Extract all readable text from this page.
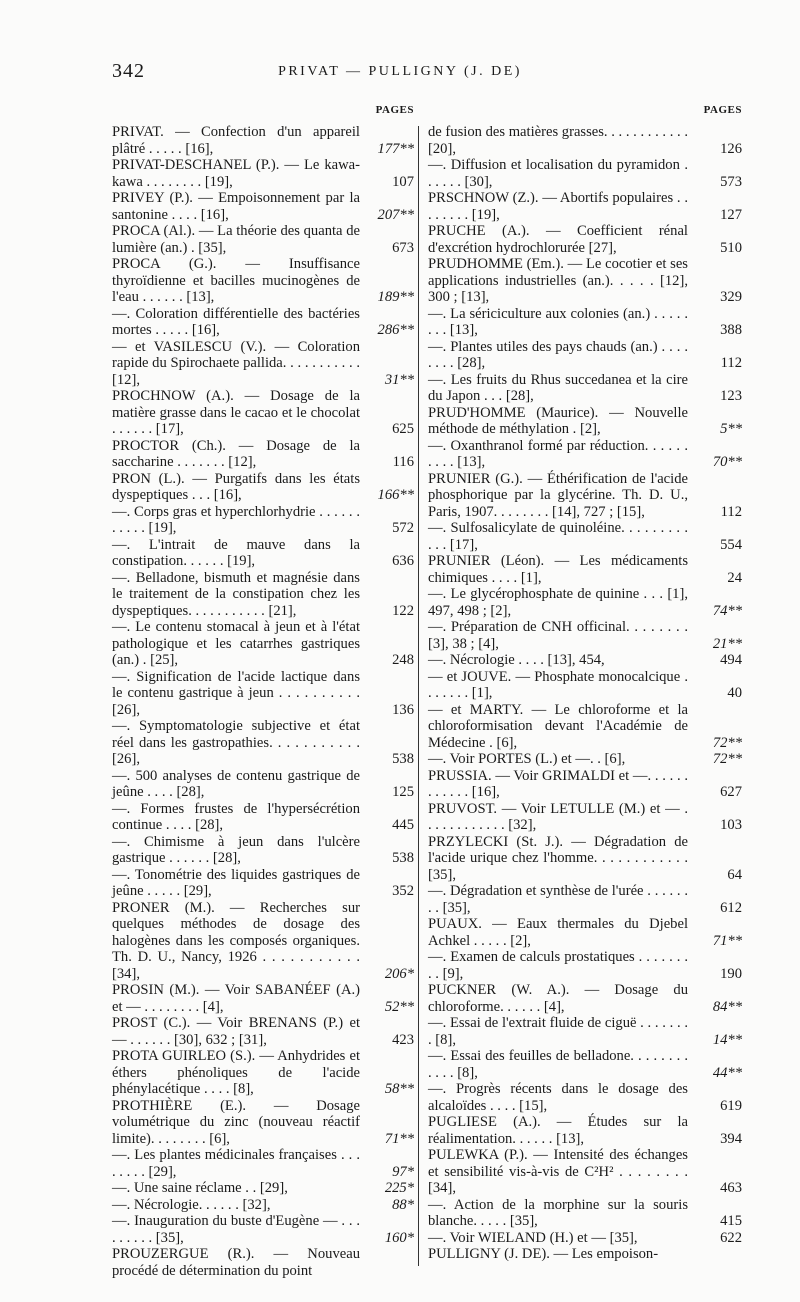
342	PRIVAT — PULLIGNY (J. DE)
PAGES
PRIVAT. — Confection d'un appareil plâtré . . . . . [16],	177**
PRIVAT-DESCHANEL (P.). — Le kawa-kawa . . . . . . . . [19],	107
PRIVEY (P.). — Empoisonnement par la santonine . . . . [16],	207**
PROCA (Al.). — La théorie des quanta de lumière (an.) . [35],	673
PROCA (G.). — Insuffisance thyroïdienne et bacilles mucinogènes de l'eau . . . . . . [13],	189**
—. Coloration différentielle des bactéries mortes . . . . . [16],	286**
— et VASILESCU (V.). — Coloration rapide du Spirochaete pallida. . . . . . . . . . . [12],	31**
PROCHNOW (A.). — Dosage de la matière grasse dans le cacao et le chocolat . . . . . . [17],	625
PROCTOR (Ch.). — Dosage de la saccharine . . . . . . . [12],	116
PRON (L.). — Purgatifs dans les états dyspeptiques . . . [16],	166**
—. Corps gras et hyperchlorhydrie . . . . . . . . . . . [19],	572
—. L'intrait de mauve dans la constipation. . . . . . [19],	636
—. Belladone, bismuth et magnésie dans le traitement de la constipation chez les dyspeptiques. . . . . . . . . . . [21],	122
—. Le contenu stomacal à jeun et à l'état pathologique et les catarrhes gastriques (an.) . [25],	248
—. Signification de l'acide lactique dans le contenu gastrique à jeun . . . . . . . . . . [26],	136
—. Symptomatologie subjective et état réel dans les gastropathies. . . . . . . . . . . [26],	538
—. 500 analyses de contenu gastrique de jeûne . . . . [28],	125
—. Formes frustes de l'hypersécrétion continue . . . . [28],	445
—. Chimisme à jeun dans l'ulcère gastrique . . . . . . [28],	538
—. Tonométrie des liquides gastriques de jeûne . . . . . [29],	352
PRONER (M.). — Recherches sur quelques méthodes de dosage des halogènes dans les composés organiques. Th. D. U., Nancy, 1926 . . . . . . . . . . . [34],	206*
PROSIN (M.). — Voir SABANÉEF (A.) et — . . . . . . . . [4],	52**
PROST (C.). — Voir BRENANS (P.) et — . . . . . . [30], 632 ; [31],	423
PROTA GUIRLEO (S.). — Anhydrides et éthers phénoliques de l'acide phénylacétique . . . . [8],	58**
PROTHIÈRE (E.). — Dosage volumétrique du zinc (nouveau réactif limite). . . . . . . . [6],	71**
—. Les plantes médicinales françaises . . . . . . . . [29],	97*
—. Une saine réclame . . [29],	225*
—. Nécrologie. . . . . . [32],	88*
—. Inauguration du buste d'Eugène — . . . . . . . . . [35],	160*
PROUZERGUE (R.). — Nouveau procédé de détermination du point
PAGES
de fusion des matières grasses. . . . . . . . . . . . [20],	126
—. Diffusion et localisation du pyramidon . . . . . . [30],	573
PRSCHNOW (Z.). — Abortifs populaires . . . . . . . . [19],	127
PRUCHE (A.). — Coefficient rénal d'excrétion hydrochlorurée [27],	510
PRUDHOMME (Em.). — Le cocotier et ses applications industrielles (an.). . . . . [12], 300 ; [13],	329
—. La sériciculture aux colonies (an.) . . . . . . . . [13],	388
—. Plantes utiles des pays chauds (an.) . . . . . . . . [28],	112
—. Les fruits du Rhus succedanea et la cire du Japon . . . [28],	123
PRUD'HOMME (Maurice). — Nouvelle méthode de méthylation . [2],	5**
—. Oxanthranol formé par réduction. . . . . . . . . . [13],	70**
PRUNIER (G.). — Éthérification de l'acide phosphorique par la glycérine. Th. D. U., Paris, 1907. . . . . . . . [14], 727 ; [15],	112
—. Sulfosalicylate de quinoléine. . . . . . . . . . . . [17],	554
PRUNIER (Léon). — Les médicaments chimiques . . . . [1],	24
—. Le glycérophosphate de quinine . . . [1], 497, 498 ; [2],	74**
—. Préparation de CNH officinal. . . . . . . . [3], 38 ; [4],	21**
—. Nécrologie . . . . [13], 454,	494
— et JOUVE. — Phosphate monocalcique . . . . . . . [1],	40
— et MARTY. — Le chloroforme et la chloroformisation devant l'Académie de Médecine . [6],	72**
—. Voir PORTES (L.) et —. . [6],	72**
PRUSSIA. — Voir GRIMALDI et —. . . . . . . . . . . . [16],	627
PRUVOST. — Voir LETULLE (M.) et — . . . . . . . . . . . . [32],	103
PRZYLECKI (St. J.). — Dégradation de l'acide urique chez l'homme. . . . . . . . . . . . [35],	64
—. Dégradation et synthèse de l'urée . . . . . . . . [35],	612
PUAUX. — Eaux thermales du Djebel Achkel . . . . . [2],	71**
—. Examen de calculs prostatiques . . . . . . . . . [9],	190
PUCKNER (W. A.). — Dosage du chloroforme. . . . . . [4],	84**
—. Essai de l'extrait fluide de ciguë . . . . . . . . [8],	14**
—. Essai des feuilles de belladone. . . . . . . . . . . . [8],	44**
—. Progrès récents dans le dosage des alcaloïdes . . . . [15],	619
PUGLIESE (A.). — Études sur la réalimentation. . . . . . [13],	394
PULEWKA (P.). — Intensité des échanges et sensibilité vis-à-vis de C²H² . . . . . . . . [34],	463
—. Action de la morphine sur la souris blanche. . . . . [35],	415
—. Voir WIELAND (H.) et — [35],	622
PULLIGNY (J. DE). — Les empoison-
